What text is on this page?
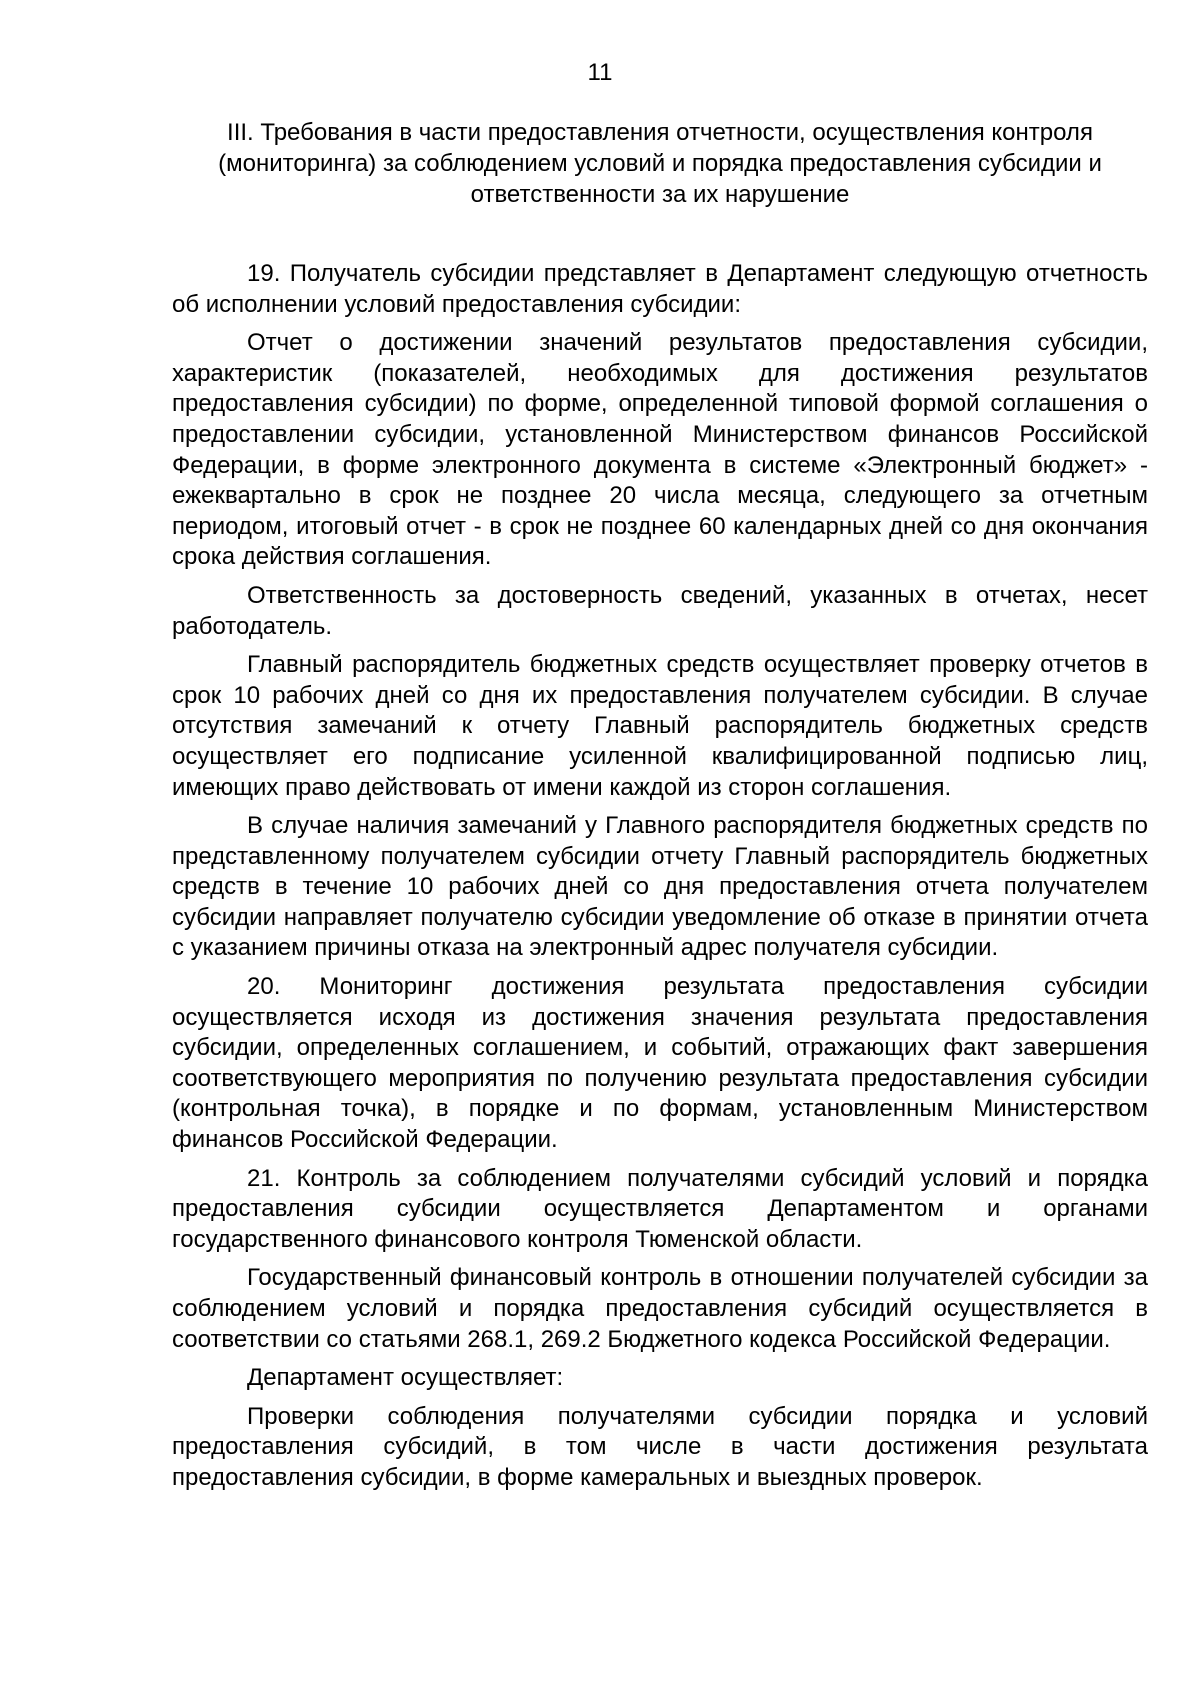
11
III. Требования в части предоставления отчетности, осуществления контроля (мониторинга) за соблюдением условий и порядка предоставления субсидии и ответственности за их нарушение

19. Получатель субсидии представляет в Департамент следующую отчетность об исполнении условий предоставления субсидии:

Отчет о достижении значений результатов предоставления субсидии, характеристик (показателей, необходимых для достижения результатов предоставления субсидии) по форме, определенной типовой формой соглашения о предоставлении субсидии, установленной Министерством финансов Российской Федерации, в форме электронного документа в системе «Электронный бюджет» - ежеквартально в срок не позднее 20 числа месяца, следующего за отчетным периодом, итоговый отчет - в срок не позднее 60 календарных дней со дня окончания срока действия соглашения.

Ответственность за достоверность сведений, указанных в отчетах, несет работодатель.

Главный распорядитель бюджетных средств осуществляет проверку отчетов в срок 10 рабочих дней со дня их предоставления получателем субсидии. В случае отсутствия замечаний к отчету Главный распорядитель бюджетных средств осуществляет его подписание усиленной квалифицированной подписью лиц, имеющих право действовать от имени каждой из сторон соглашения.

В случае наличия замечаний у Главного распорядителя бюджетных средств по представленному получателем субсидии отчету Главный распорядитель бюджетных средств в течение 10 рабочих дней со дня предоставления отчета получателем субсидии направляет получателю субсидии уведомление об отказе в принятии отчета с указанием причины отказа на электронный адрес получателя субсидии.

20. Мониторинг достижения результата предоставления субсидии осуществляется исходя из достижения значения результата предоставления субсидии, определенных соглашением, и событий, отражающих факт завершения соответствующего мероприятия по получению результата предоставления субсидии (контрольная точка), в порядке и по формам, установленным Министерством финансов Российской Федерации.

21. Контроль за соблюдением получателями субсидий условий и порядка предоставления субсидии осуществляется Департаментом и органами государственного финансового контроля Тюменской области.

Государственный финансовый контроль в отношении получателей субсидии за соблюдением условий и порядка предоставления субсидий осуществляется в соответствии со статьями 268.1, 269.2 Бюджетного кодекса Российской Федерации.

Департамент осуществляет:

Проверки соблюдения получателями субсидии порядка и условий предоставления субсидий, в том числе в части достижения результата предоставления субсидии, в форме камеральных и выездных проверок.
